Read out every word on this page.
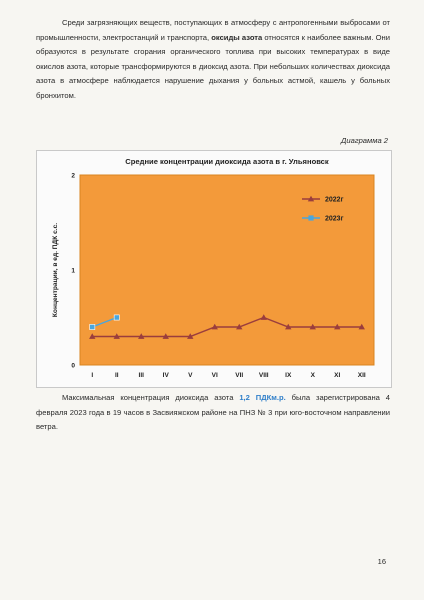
Среди загрязняющих веществ, поступающих в атмосферу с антропогенными выбросами от промышленности, электростанций и транспорта, оксиды азота относятся к наиболее важным. Они образуются в результате сгорания органического топлива при высоких температурах в виде окислов азота, которые трансформируются в диоксид азота. При небольших количествах диоксида азота в атмосфере наблюдается нарушение дыхания у больных астмой, кашель у больных бронхитом.

Диаграмма 2
Средние концентрации диоксида азота в г. Ульяновск
Концентрации, в ед. ПДК с.с.
0
1
2
I	II	III	IV	V	VI	VII VIII	IX	X	XI	XII
2022г
2023г

Максимальная концентрация диоксида азота 1,2 ПДКм.р. была зарегистрирована 4 февраля 2023 года в 19 часов в Засвияжском районе на ПНЗ № 3 при юго-восточном направлении ветра.

16
